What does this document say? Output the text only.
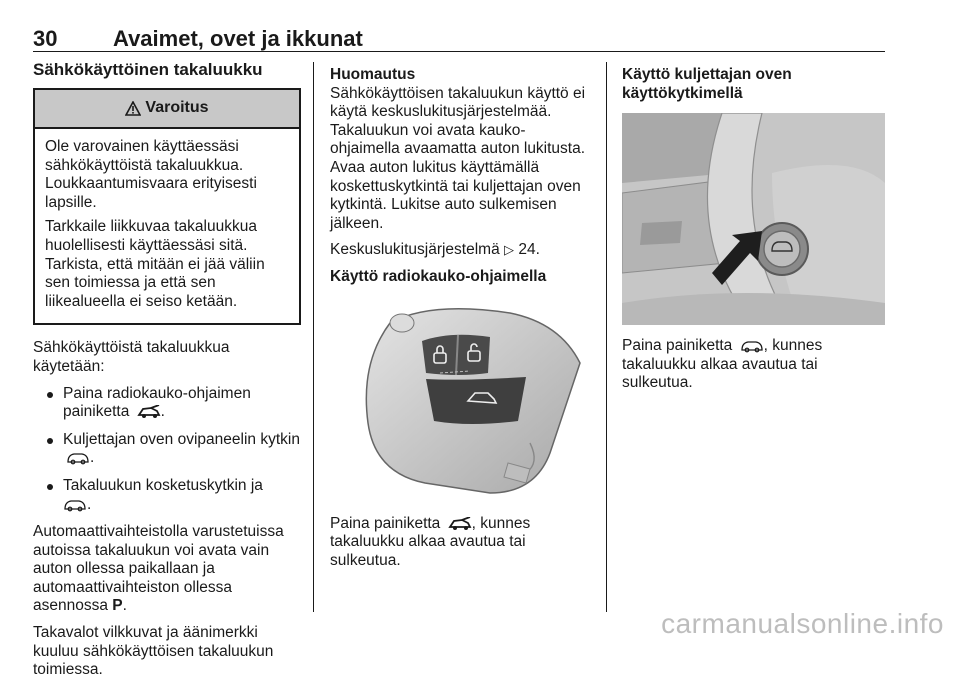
30	Avaimet, ovet ja ikkunat
Sähkökäyttöinen takaluukku
Varoitus

Ole varovainen käyttäessäsi sähkökäyttöistä takaluukkua. Loukkaantumisvaara erityisesti lapsille.

Tarkkaile liikkuvaa takaluukkua huolellisesti käyttäessäsi sitä. Tarkista, että mitään ei jää väliin sen toimiessa ja että sen liikealueella ei seiso ketään.

Sähkökäyttöistä takaluukkua käytetään:

Paina radiokauko-ohjaimen painiketta .
Kuljettajan oven ovipaneelin kytkin .
Takaluukun kosketuskytkin ja
.

Automaattivaihteistolla varustetuissa autoissa takaluukun voi avata vain auton ollessa paikallaan ja automaattivaihteiston ollessa asennossa P.

Takavalot vilkkuvat ja äänimerkki kuuluu sähkökäyttöisen takaluukun toimiessa.

Huomautus

Sähkökäyttöisen takaluukun käyttö ei käytä keskuslukitusjärjestelmää. Takaluukun voi avata kauko-ohjaimella avaamatta auton lukitusta. Avaa auton lukitus käyttämällä koskettuskytkintä tai kuljettajan oven kytkintä. Lukitse auto sulkemisen jälkeen.

Keskuslukitusjärjestelmä ▷ 24.

Käyttö radiokauko-ohjaimella

Paina painiketta , kunnes takaluukku alkaa avautua tai sulkeutua.

Käyttö kuljettajan oven käyttökytkimellä

Paina painiketta , kunnes takaluukku alkaa avautua tai sulkeutua.

carmanualsonline.info
